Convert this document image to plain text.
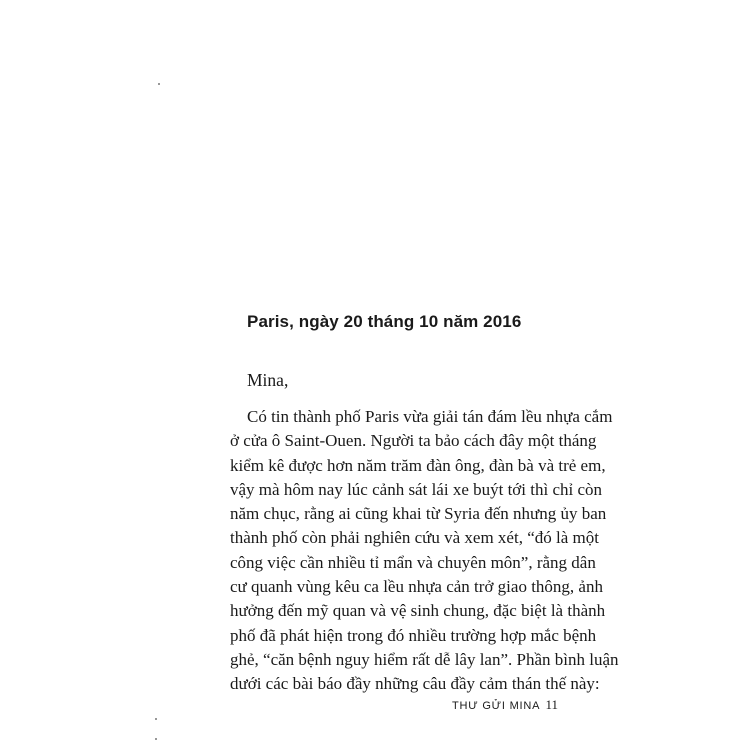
Paris, ngày 20 tháng 10 năm 2016
Mina,
Có tin thành phố Paris vừa giải tán đám lều nhựa cắm
ở cửa ô Saint-Ouen. Người ta bảo cách đây một tháng
kiểm kê được hơn năm trăm đàn ông, đàn bà và trẻ em,
vậy mà hôm nay lúc cảnh sát lái xe buýt tới thì chỉ còn
năm chục, rằng ai cũng khai từ Syria đến nhưng ủy ban
thành phố còn phải nghiên cứu và xem xét, “đó là một
công việc cần nhiều tỉ mẩn và chuyên môn”, rằng dân
cư quanh vùng kêu ca lều nhựa cản trở giao thông, ảnh
hưởng đến mỹ quan và vệ sinh chung, đặc biệt là thành
phố đã phát hiện trong đó nhiều trường hợp mắc bệnh
ghẻ, “căn bệnh nguy hiểm rất dễ lây lan”. Phần bình luận
dưới các bài báo đầy những câu đầy cảm thán thế này:
THƯ GỬI MINA 11
